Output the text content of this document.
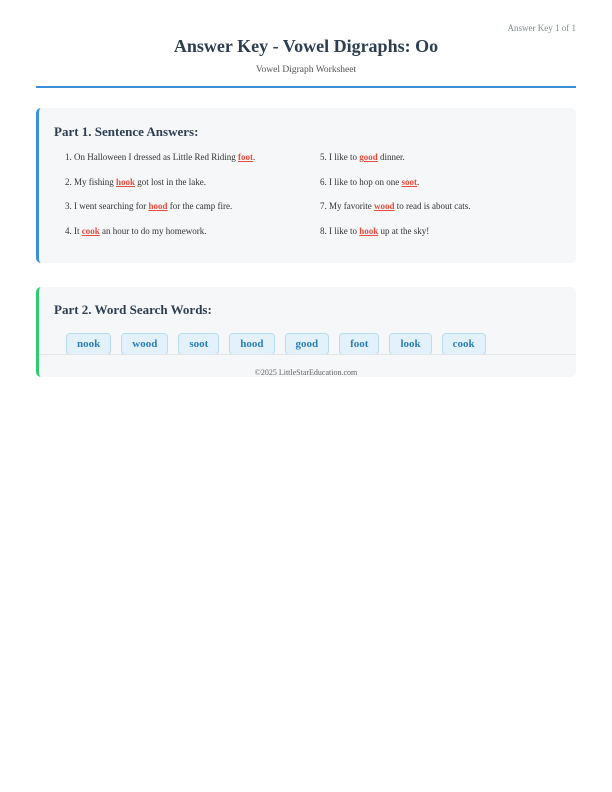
Answer Key 1 of 1
Answer Key - Vowel Digraphs: Oo
Vowel Digraph Worksheet
Part 1. Sentence Answers:
1. On Halloween I dressed as Little Red Riding foot.
2. My fishing hook got lost in the lake.
3. I went searching for hood for the camp fire.
4. It cook an hour to do my homework.
5. I like to good dinner.
6. I like to hop on one soot.
7. My favorite wood to read is about cats.
8. I like to hook up at the sky!
Part 2. Word Search Words:
nook	wood	soot	hood	good	foot	look	cook
©2025 LittleStarEducation.com
